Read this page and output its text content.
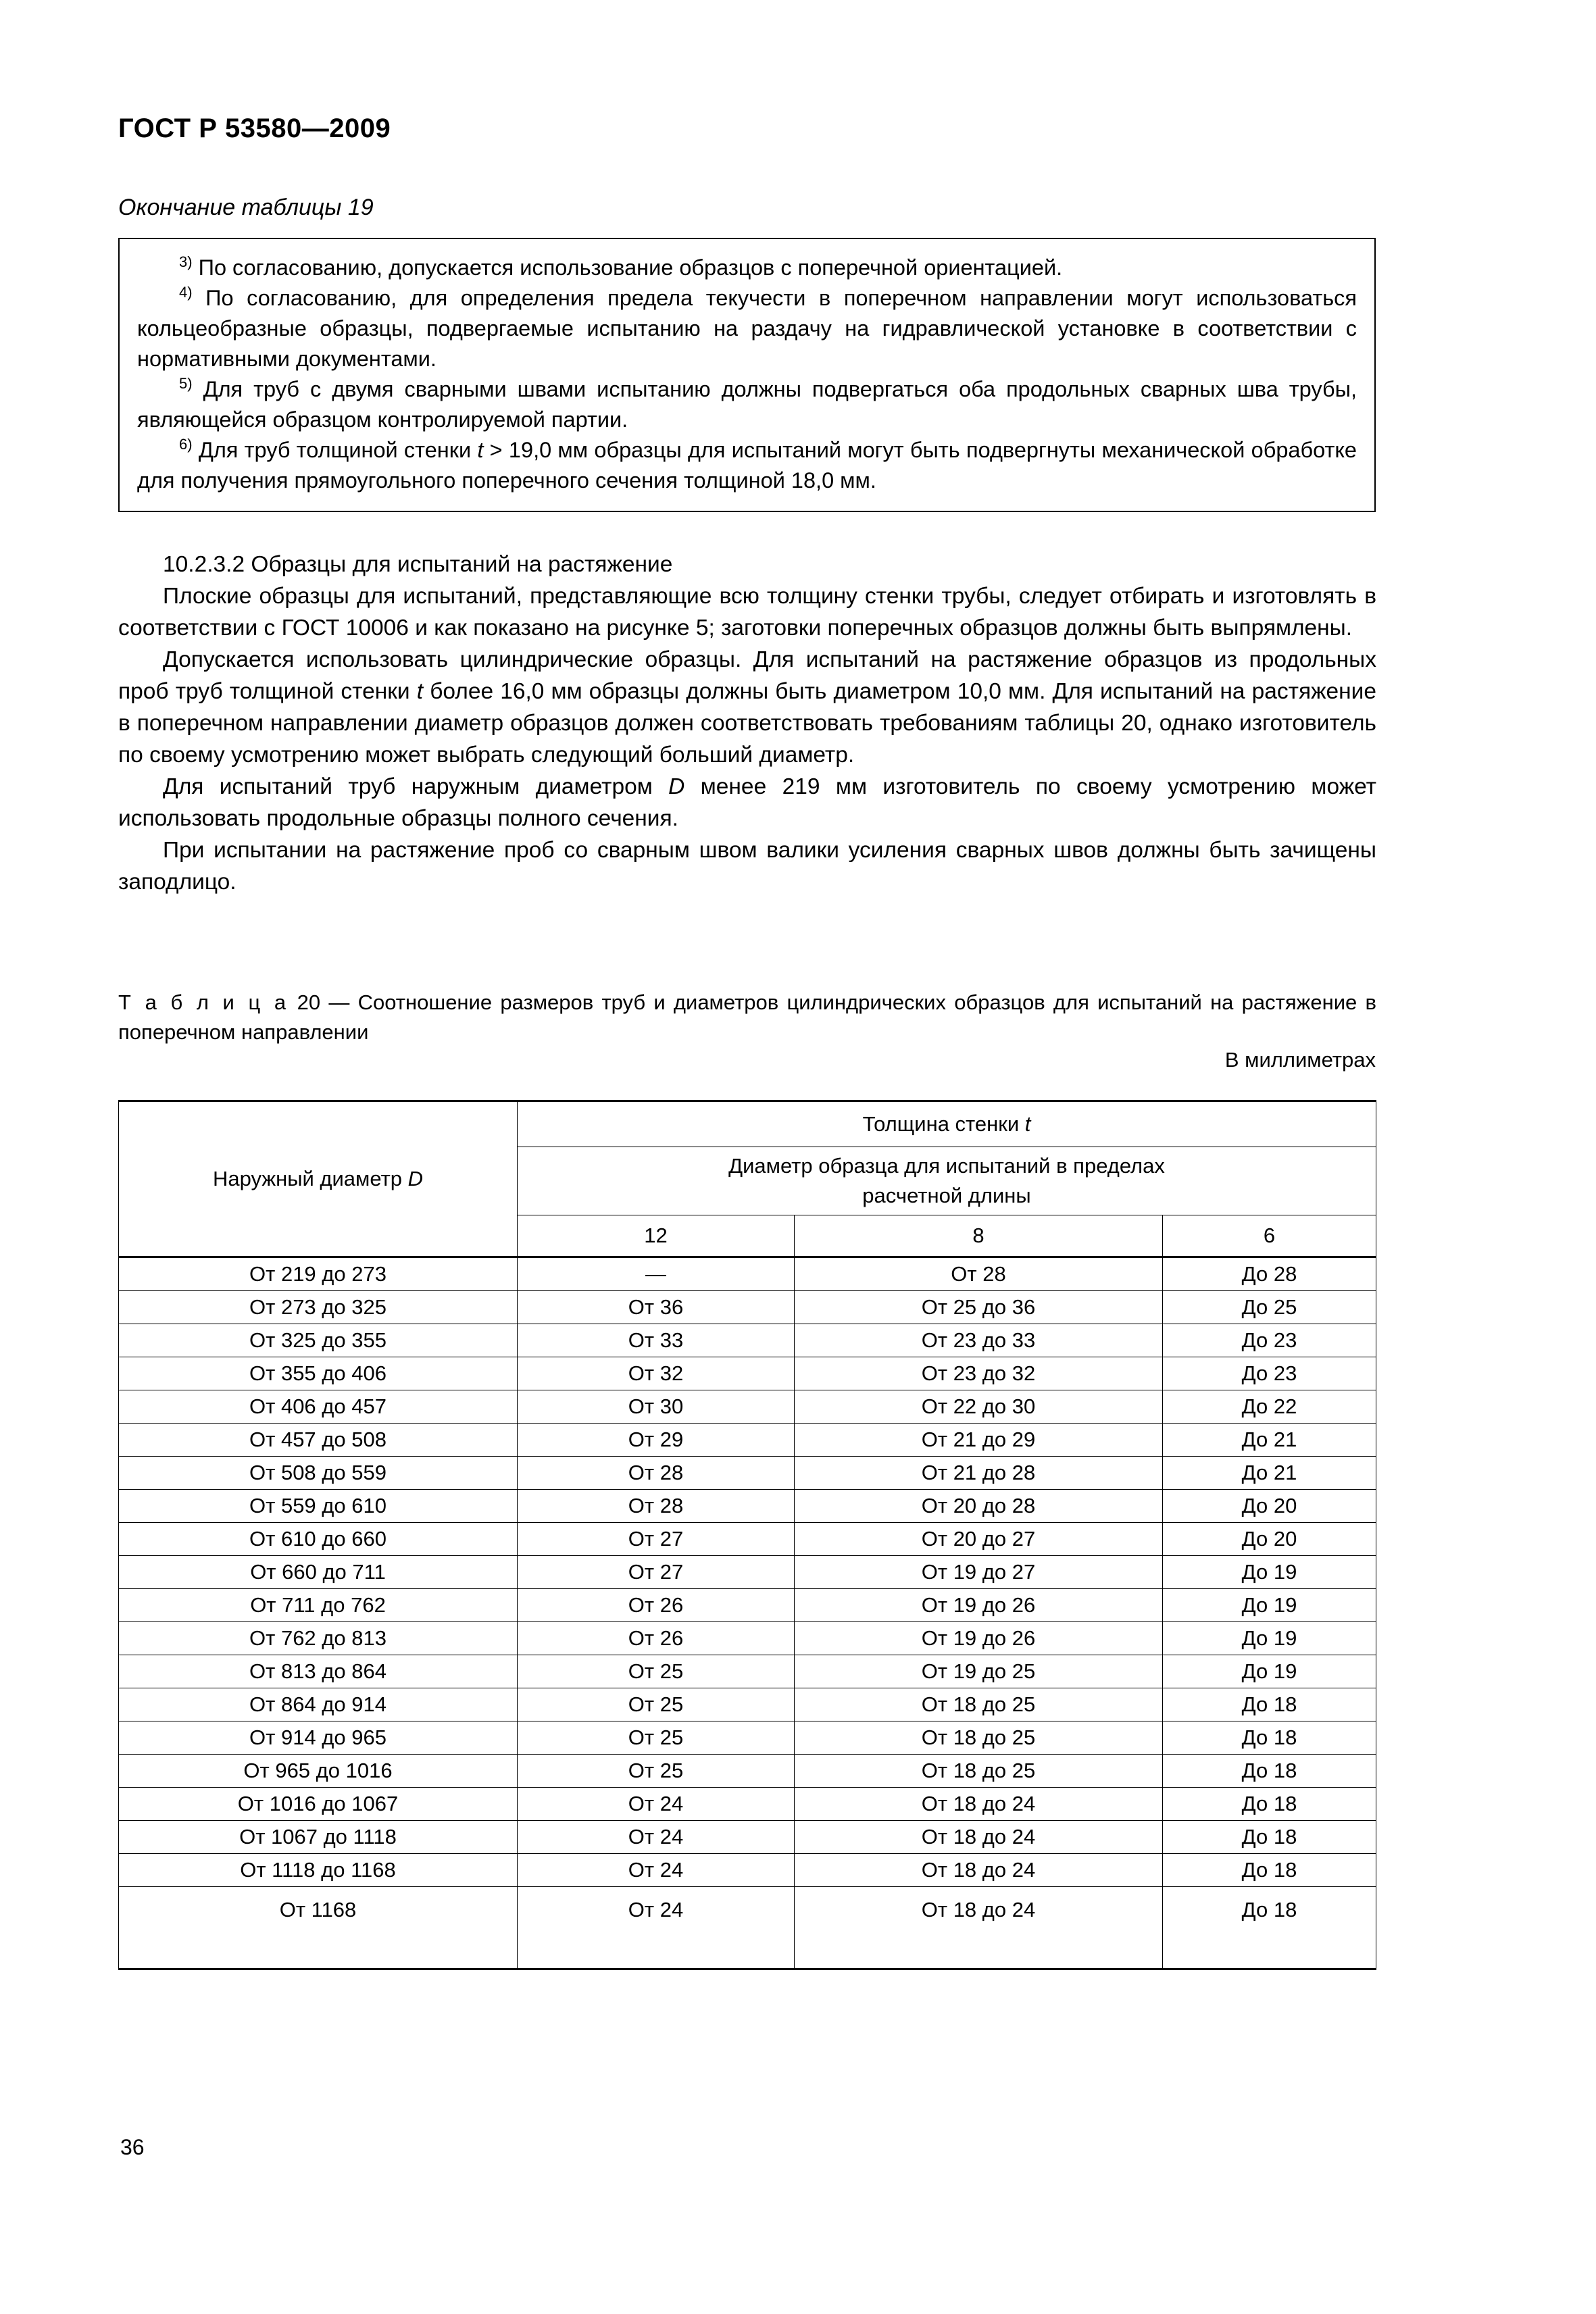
ГОСТ Р 53580—2009
Окончание таблицы 19

$^{3)}$ По согласованию, допускается использование образцов с поперечной ориентацией.

$^{4)}$ По согласованию, для определения предела текучести в поперечном направлении могут использоваться кольцеобразные образцы, подвергаемые испытанию на раздачу на гидравлической установке в соответствии с нормативными документами.

$^{5)}$ Для труб с двумя сварными швами испытанию должны подвергаться оба продольных сварных шва трубы, являющейся образцом контролируемой партии.

$^{6)}$ Для труб толщиной стенки t > 19,0 мм образцы для испытаний могут быть подвергнуты механической обработке для получения прямоугольного поперечного сечения толщиной 18,0 мм.

10.2.3.2 Образцы для испытаний на растяжение

Плоские образцы для испытаний, представляющие всю толщину стенки трубы, следует отбирать и изготовлять в соответствии с ГОСТ 10006 и как показано на рисунке 5; заготовки поперечных образцов должны быть выпрямлены.

Допускается использовать цилиндрические образцы. Для испытаний на растяжение образцов из продольных проб труб толщиной стенки t более 16,0 мм образцы должны быть диаметром 10,0 мм. Для испытаний на растяжение в поперечном направлении диаметр образцов должен соответствовать требованиям таблицы 20, однако изготовитель по своему усмотрению может выбрать следующий больший диаметр.

Для испытаний труб наружным диаметром D менее 219 мм изготовитель по своему усмотрению может использовать продольные образцы полного сечения.

При испытании на растяжение проб со сварным швом валики усиления сварных швов должны быть зачищены заподлицо.

Т а б л и ц а 20 — Соотношение размеров труб и диаметров цилиндрических образцов для испытаний на растяжение в поперечном направлении
В миллиметрах
Наружный диаметр D	Толщина стенки t		

	Диаметр образца для испытаний в пределах
расчетной длины		

	12	8	6
От 219 до 273	—	От 28	До 28
От 273 до 325	От 36	От 25 до 36	До 25
От 325 до 355	От 33	От 23 до 33	До 23
От 355 до 406	От 32	От 23 до 32	До 23
От 406 до 457	От 30	От 22 до 30	До 22
От 457 до 508	От 29	От 21 до 29	До 21
От 508 до 559	От 28	От 21 до 28	До 21
От 559 до 610	От 28	От 20 до 28	До 20
От 610 до 660	От 27	От 20 до 27	До 20
От 660 до 711	От 27	От 19 до 27	До 19
От 711 до 762	От 26	От 19 до 26	До 19
От 762 до 813	От 26	От 19 до 26	До 19
От 813 до 864	От 25	От 19 до 25	До 19
От 864 до 914	От 25	От 18 до 25	До 18
От 914 до 965	От 25	От 18 до 25	До 18
От 965 до 1016	От 25	От 18 до 25	До 18
От 1016 до 1067	От 24	От 18 до 24	До 18
От 1067 до 1118	От 24	От 18 до 24	До 18
От 1118 до 1168	От 24	От 18 до 24	До 18
От 1168	От 24	От 18 до 24	До 18
36
